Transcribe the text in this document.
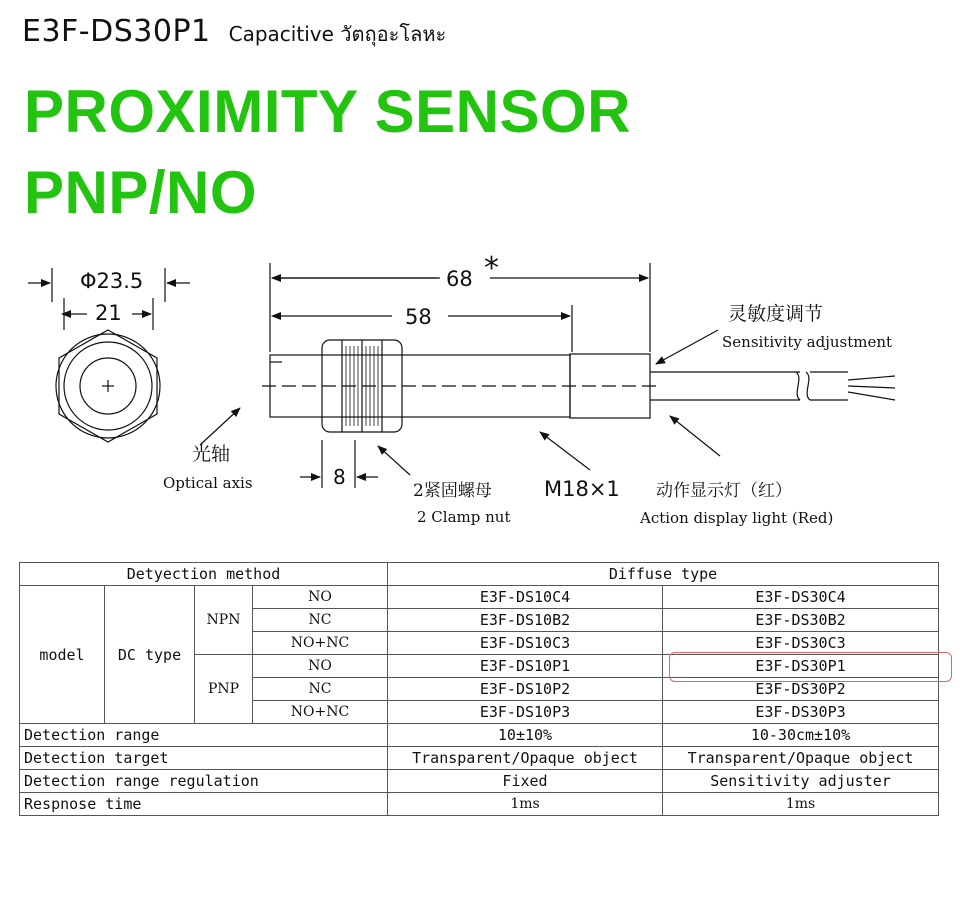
E3F-DS30P1 Capacitive วัตถุอะโลหะ
PROXIMITY SENSOR
PNP/NO
Φ23.5
21
68 *
58
8	M18×1
灵敏度调节
Sensitivity adjustment
光轴
Optical axis	2紧固螺母
2 Clamp nut
动作显示灯（红）
Action display light (Red)
Detyection method				Diffuse type	
model	DC type	NPN	NO	E3F-DS10C4	E3F-DS30C4
			NC	E3F-DS10B2	E3F-DS30B2
			NO+NC	E3F-DS10C3	E3F-DS30C3
		PNP	NO	E3F-DS10P1	E3F-DS30P1

			NC	E3F-DS10P2	E3F-DS30P2
			NO+NC	E3F-DS10P3	E3F-DS30P3
Detection range				10±10%	10-30cm±10%
Detection target				Transparent/Opaque object	Transparent/Opaque object
Detection range regulation				Fixed	Sensitivity adjuster
Respnose time				1ms	1ms
